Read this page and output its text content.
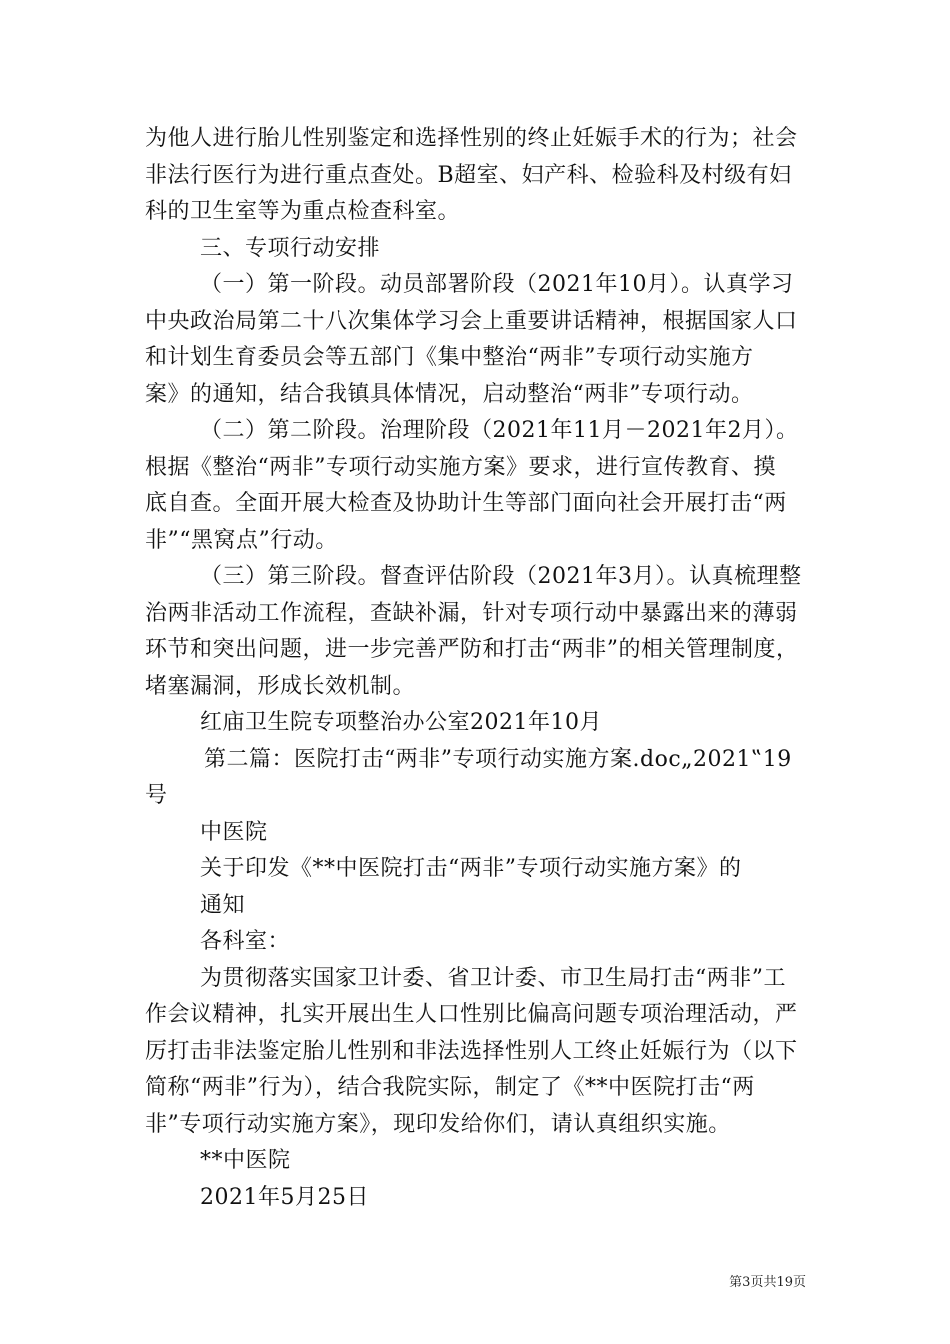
为他人进行胎儿性别鉴定和选择性别的终止妊娠手术的行为；社会
非法行医行为进行重点查处。B超室、妇产科、检验科及村级有妇
科的卫生室等为重点检查科室。
三、专项行动安排
（一）第一阶段。动员部署阶段（2021年10月）。认真学习
中央政治局第二十八次集体学习会上重要讲话精神，根据国家人口
和计划生育委员会等五部门《集中整治“两非”专项行动实施方
案》的通知，结合我镇具体情况，启动整治“两非”专项行动。
（二）第二阶段。治理阶段（2021年11月－2021年2月）。
根据《整治“两非”专项行动实施方案》要求，进行宣传教育、摸
底自查。全面开展大检查及协助计生等部门面向社会开展打击“两
非”“黑窝点”行动。
（三）第三阶段。督查评估阶段（2021年3月）。认真梳理整
治两非活动工作流程，查缺补漏，针对专项行动中暴露出来的薄弱
环节和突出问题，进一步完善严防和打击“两非”的相关管理制度，
堵塞漏洞，形成长效机制。
红庙卫生院专项整治办公室2021年10月
第二篇：医院打击“两非”专项行动实施方案.doc„2021‟19
号
中医院
关于印发《**中医院打击“两非”专项行动实施方案》的
通知
各科室：
为贯彻落实国家卫计委、省卫计委、市卫生局打击“两非”工
作会议精神，扎实开展出生人口性别比偏高问题专项治理活动，严
厉打击非法鉴定胎儿性别和非法选择性别人工终止妊娠行为（以下
简称“两非”行为），结合我院实际，制定了《**中医院打击“两
非”专项行动实施方案》，现印发给你们，请认真组织实施。
**中医院
2021年5月25日
第3页共19页
